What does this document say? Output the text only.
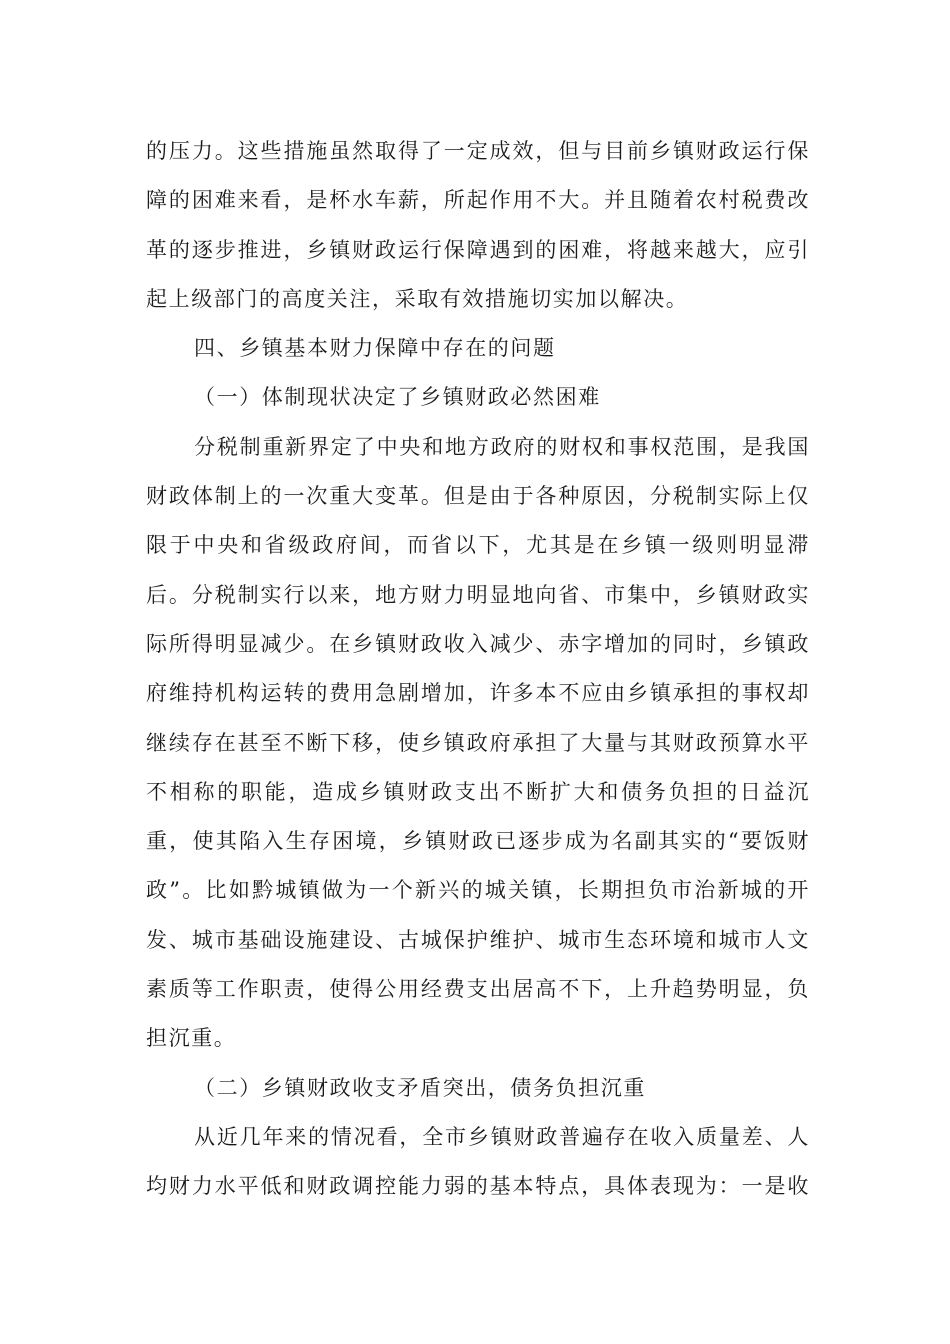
的压力。这些措施虽然取得了一定成效，但与目前乡镇财政运行保
障的困难来看，是杯水车薪，所起作用不大。并且随着农村税费改
革的逐步推进，乡镇财政运行保障遇到的困难，将越来越大，应引
起上级部门的高度关注，采取有效措施切实加以解决。
四、乡镇基本财力保障中存在的问题
（一）体制现状决定了乡镇财政必然困难
分税制重新界定了中央和地方政府的财权和事权范围，是我国
财政体制上的一次重大变革。但是由于各种原因，分税制实际上仅
限于中央和省级政府间，而省以下，尤其是在乡镇一级则明显滞
后。分税制实行以来，地方财力明显地向省、市集中，乡镇财政实
际所得明显减少。在乡镇财政收入减少、赤字增加的同时，乡镇政
府维持机构运转的费用急剧增加，许多本不应由乡镇承担的事权却
继续存在甚至不断下移，使乡镇政府承担了大量与其财政预算水平
不相称的职能，造成乡镇财政支出不断扩大和债务负担的日益沉
重，使其陷入生存困境，乡镇财政已逐步成为名副其实的“要饭财
政”。比如黔城镇做为一个新兴的城关镇，长期担负市治新城的开
发、城市基础设施建设、古城保护维护、城市生态环境和城市人文
素质等工作职责，使得公用经费支出居高不下，上升趋势明显，负
担沉重。
（二）乡镇财政收支矛盾突出，债务负担沉重
从近几年来的情况看，全市乡镇财政普遍存在收入质量差、人
均财力水平低和财政调控能力弱的基本特点，具体表现为：一是收
